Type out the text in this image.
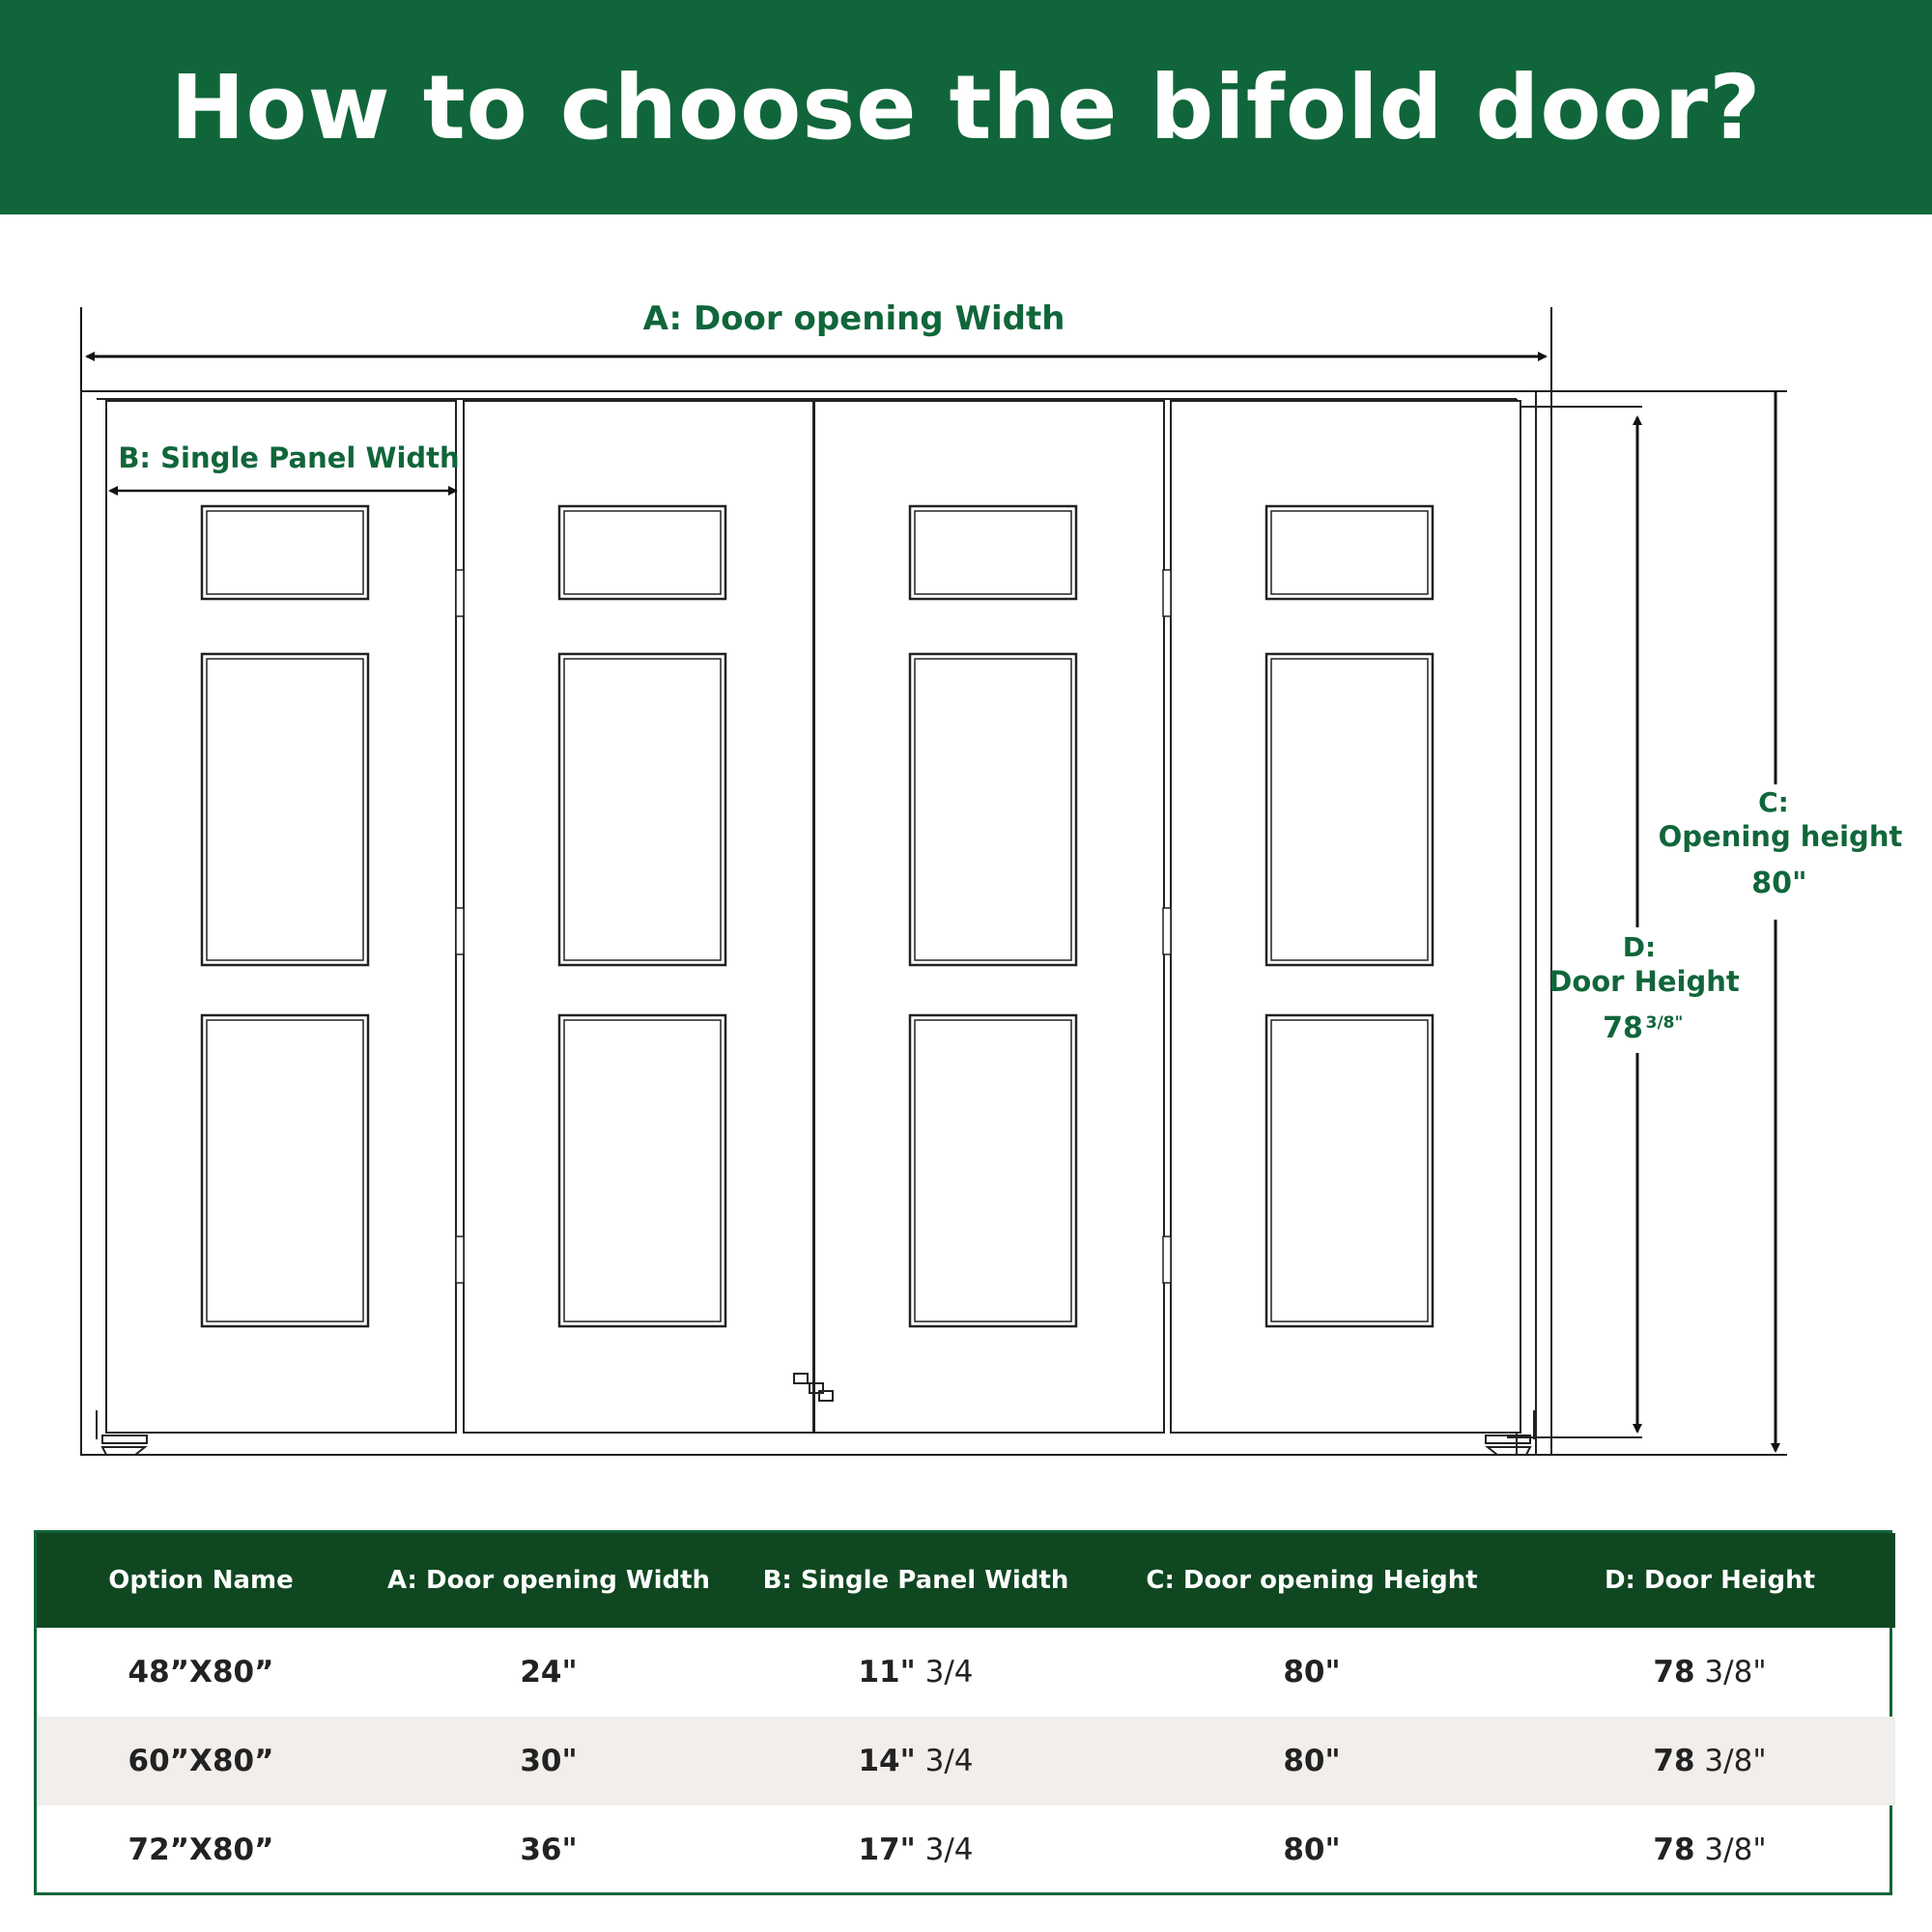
How to choose the bifold door?
A: Door opening Width
B: Single Panel Width
D:
Door Height
78 3/8"
C:
Opening height
80"
Option Name	A: Door opening Width	B: Single Panel Width	C: Door opening Height	D: Door Height
48”X80”	24"	11" 3/4	80"	78 3/8"
60”X80”	30"	14" 3/4	80"	78 3/8"
72”X80”	36"	17" 3/4	80"	78 3/8"
